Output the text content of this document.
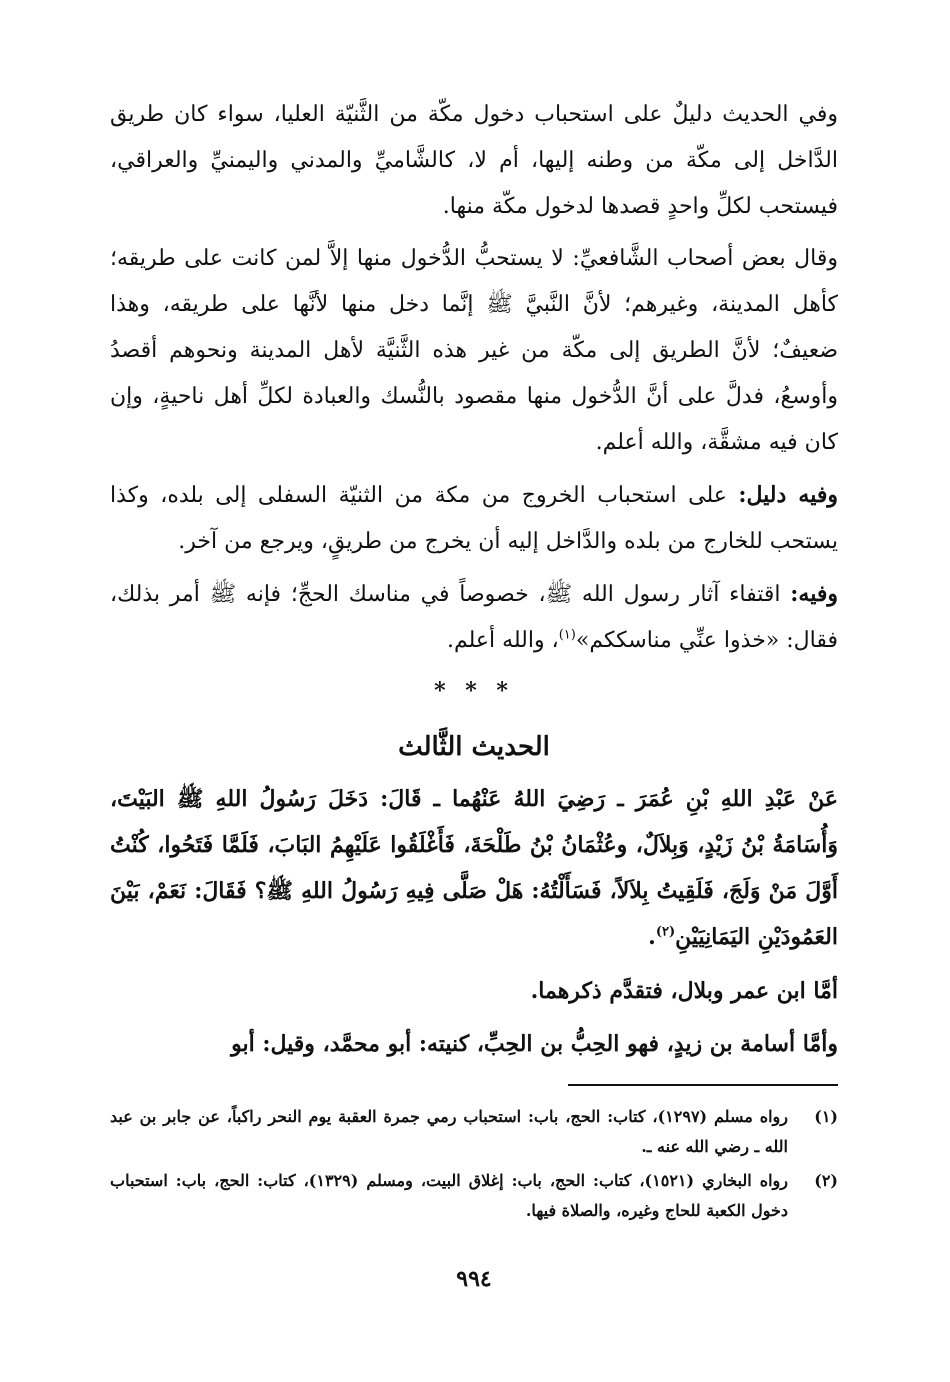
وفي الحديث دليلٌ على استحباب دخول مكّة من الثَّنيّة العليا، سواء كان طريق الدَّاخل إلى مكّة من وطنه إليها، أم لا، كالشَّاميِّ والمدني واليمنيِّ والعراقي، فيستحب لكلِّ واحدٍ قصدها لدخول مكّة منها.

وقال بعض أصحاب الشَّافعيِّ: لا يستحبُّ الدُّخول منها إلاَّ لمن كانت على طريقه؛ كأهل المدينة، وغيرهم؛ لأنَّ النَّبيَّ ﷺ إنَّما دخل منها لأنَّها على طريقه، وهذا ضعيفٌ؛ لأنَّ الطريق إلى مكّة من غير هذه الثَّنيَّة لأهل المدينة ونحوهم أقصدُ وأوسعُ، فدلَّ على أنَّ الدُّخول منها مقصود بالنُّسك والعبادة لكلِّ أهل ناحيةٍ، وإن كان فيه مشقَّة، والله أعلم.

وفيه دليل: على استحباب الخروج من مكة من الثنيّة السفلى إلى بلده، وكذا يستحب للخارج من بلده والدَّاخل إليه أن يخرج من طريقٍ، ويرجع من آخر.

وفيه: اقتفاء آثار رسول الله ﷺ، خصوصاً في مناسك الحجِّ؛ فإنه ﷺ أمر بذلك، فقال: «خذوا عنِّي مناسككم»$^{(١)}$، والله أعلم.

* * *
الحديث الثَّالث

عَنْ عَبْدِ اللهِ بْنِ عُمَرَ ـ رَضِيَ اللهُ عَنْهُما ـ قَالَ: دَخَلَ رَسُولُ اللهِ ﷺ البَيْتَ، وَأُسَامَةُ بْنُ زَيْدٍ، وَبِلاَلٌ، وعُثْمَانُ بْنُ طَلْحَةَ، فَأَغْلَقُوا عَلَيْهِمُ البَابَ، فَلَمَّا فَتَحُوا، كُنْتُ أَوَّلَ مَنْ وَلَجَ، فَلَقِيتُ بِلاَلاً، فَسَأَلْتُهُ: هَلْ صَلَّى فِيهِ رَسُولُ اللهِ ﷺ؟ فَقَالَ: نَعَمْ، بَيْنَ العَمُودَيْنِ اليَمَانِيَيْنِ$^{(٢)}$.

أمَّا ابن عمر وبلال، فتقدَّم ذكرهما.

وأمَّا أسامة بن زيدٍ، فهو الحِبُّ بن الحِبِّ، كنيته: أبو محمَّد، وقيل: أبو

(١)
رواه مسلم (١٢٩٧)، كتاب: الحج، باب: استحباب رمي جمرة العقبة يوم النحر راكباً، عن جابر بن عبد الله ـ رضي الله عنه ـ.
(٢)
رواه البخاري (١٥٢١)، كتاب: الحج، باب: إغلاق البيت، ومسلم (١٣٢٩)، كتاب: الحج، باب: استحباب دخول الكعبة للحاج وغيره، والصلاة فيها.
٩٩٤
